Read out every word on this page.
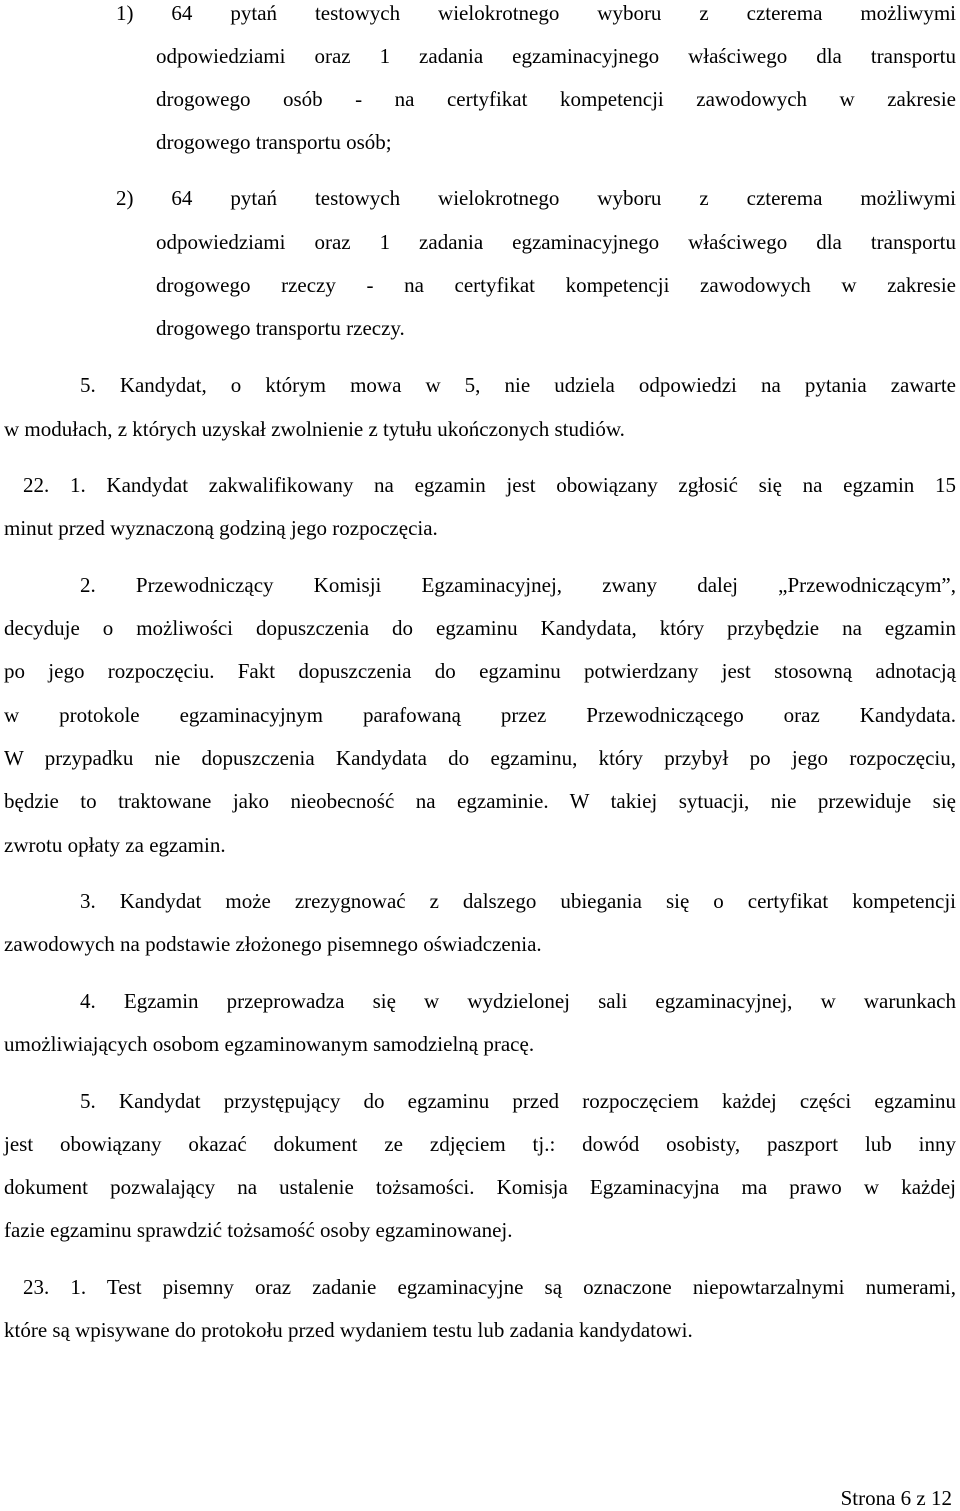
1) 64 pytań testowych wielokrotnego wyboru z czterema możliwymi
odpowiedziami oraz 1 zadania egzaminacyjnego właściwego dla transportu
drogowego osób - na certyfikat kompetencji zawodowych w zakresie
drogowego transportu osób;
2) 64 pytań testowych wielokrotnego wyboru z czterema możliwymi
odpowiedziami oraz 1 zadania egzaminacyjnego właściwego dla transportu
drogowego rzeczy - na certyfikat kompetencji zawodowych w zakresie
drogowego transportu rzeczy.
5. Kandydat, o którym mowa w 5, nie udziela odpowiedzi na pytania zawarte
w modułach, z których uzyskał zwolnienie z tytułu ukończonych studiów.
22. 1. Kandydat zakwalifikowany na egzamin jest obowiązany zgłosić się na egzamin 15
minut przed wyznaczoną godziną jego rozpoczęcia.
2. Przewodniczący Komisji Egzaminacyjnej, zwany dalej „Przewodniczącym”,
decyduje o możliwości dopuszczenia do egzaminu Kandydata, który przybędzie na egzamin
po jego rozpoczęciu. Fakt dopuszczenia do egzaminu potwierdzany jest stosowną adnotacją
w protokole egzaminacyjnym parafowaną przez Przewodniczącego oraz Kandydata.
W przypadku nie dopuszczenia Kandydata do egzaminu, który przybył po jego rozpoczęciu,
będzie to traktowane jako nieobecność na egzaminie. W takiej sytuacji, nie przewiduje się
zwrotu opłaty za egzamin.
3. Kandydat może zrezygnować z dalszego ubiegania się o certyfikat kompetencji
zawodowych na podstawie złożonego pisemnego oświadczenia.
4. Egzamin przeprowadza się w wydzielonej sali egzaminacyjnej, w warunkach
umożliwiających osobom egzaminowanym samodzielną pracę.
5. Kandydat przystępujący do egzaminu przed rozpoczęciem każdej części egzaminu
jest obowiązany okazać dokument ze zdjęciem tj.: dowód osobisty, paszport lub inny
dokument pozwalający na ustalenie tożsamości. Komisja Egzaminacyjna ma prawo w każdej
fazie egzaminu sprawdzić tożsamość osoby egzaminowanej.
23. 1. Test pisemny oraz zadanie egzaminacyjne są oznaczone niepowtarzalnymi numerami,
które są wpisywane do protokołu przed wydaniem testu lub zadania kandydatowi.
Strona 6 z 12
